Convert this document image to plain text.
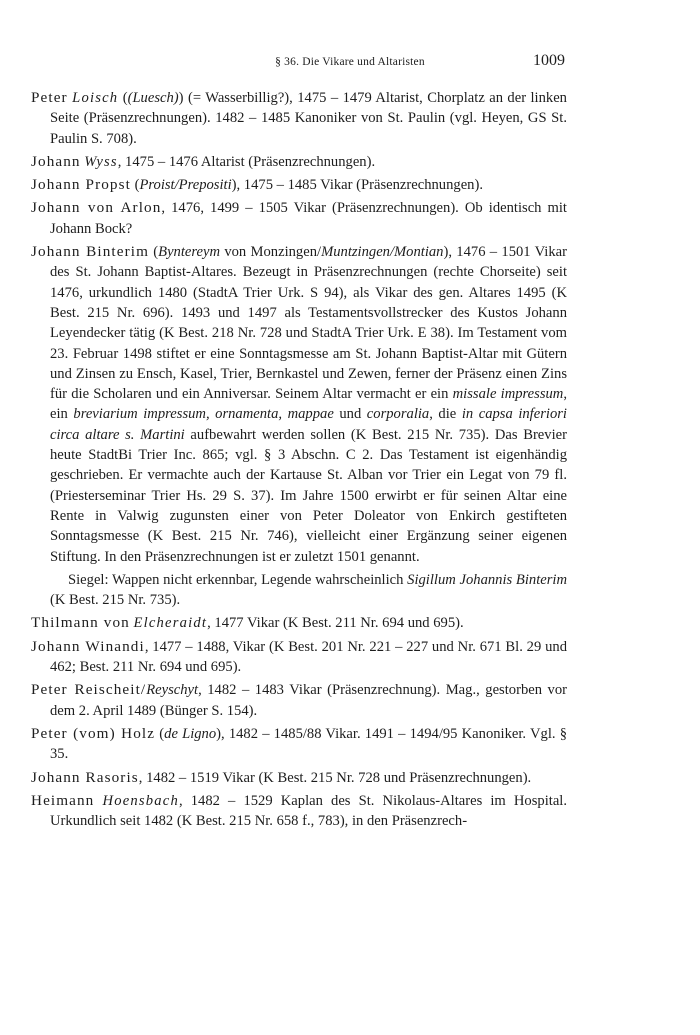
§ 36. Die Vikare und Altaristen	1009
Peter Loisch ((Luesch)) (= Wasserbillig?), 1475 – 1479 Altarist, Chorplatz an der linken Seite (Präsenzrechnungen). 1482 – 1485 Kanoniker von St. Paulin (vgl. Heyen, GS St. Paulin S. 708).
Johann Wyss, 1475 – 1476 Altarist (Präsenzrechnungen).
Johann Propst (Proist/Prepositi), 1475 – 1485 Vikar (Präsenzrechnungen).
Johann von Arlon, 1476, 1499 – 1505 Vikar (Präsenzrechnungen). Ob identisch mit Johann Bock?
Johann Binterim (Byntereym von Monzingen/Muntzingen/Montian), 1476 – 1501 Vikar des St. Johann Baptist-Altares. Bezeugt in Präsenzrechnungen (rechte Chorseite) seit 1476, urkundlich 1480 (StadtA Trier Urk. S 94), als Vikar des gen. Altares 1495 (K Best. 215 Nr. 696). 1493 und 1497 als Testamentsvollstrecker des Kustos Johann Leyendecker tätig (K Best. 218 Nr. 728 und StadtA Trier Urk. E 38). Im Testament vom 23. Februar 1498 stiftet er eine Sonntagsmesse am St. Johann Baptist-Altar mit Gütern und Zinsen zu Ensch, Kasel, Trier, Bernkastel und Zewen, ferner der Präsenz einen Zins für die Scholaren und ein Anniversar. Seinem Altar vermacht er ein missale impressum, ein breviarium impressum, ornamenta, mappae und corporalia, die in capsa inferiori circa altare s. Martini aufbewahrt werden sollen (K Best. 215 Nr. 735). Das Brevier heute StadtBi Trier Inc. 865; vgl. § 3 Abschn. C 2. Das Testament ist eigenhändig geschrieben. Er vermachte auch der Kartause St. Alban vor Trier ein Legat von 79 fl. (Priesterseminar Trier Hs. 29 S. 37). Im Jahre 1500 erwirbt er für seinen Altar eine Rente in Valwig zugunsten einer von Peter Doleator von Enkirch gestifteten Sonntagsmesse (K Best. 215 Nr. 746), vielleicht einer Ergänzung seiner eigenen Stiftung. In den Präsenzrechnungen ist er zuletzt 1501 genannt.
Siegel: Wappen nicht erkennbar, Legende wahrscheinlich Sigillum Johannis Binterim (K Best. 215 Nr. 735).
Thilmann von Elcheraidt, 1477 Vikar (K Best. 211 Nr. 694 und 695).
Johann Winandi, 1477 – 1488, Vikar (K Best. 201 Nr. 221 – 227 und Nr. 671 Bl. 29 und 462; Best. 211 Nr. 694 und 695).
Peter Reischeit/Reyschyt, 1482 – 1483 Vikar (Präsenzrechnung). Mag., gestorben vor dem 2. April 1489 (Bünger S. 154).
Peter (vom) Holz (de Ligno), 1482 – 1485/88 Vikar. 1491 – 1494/95 Kanoniker. Vgl. § 35.
Johann Rasoris, 1482 – 1519 Vikar (K Best. 215 Nr. 728 und Präsenzrechnungen).
Heimann Hoensbach, 1482 – 1529 Kaplan des St. Nikolaus-Altares im Hospital. Urkundlich seit 1482 (K Best. 215 Nr. 658 f., 783), in den Präsenzrech-
